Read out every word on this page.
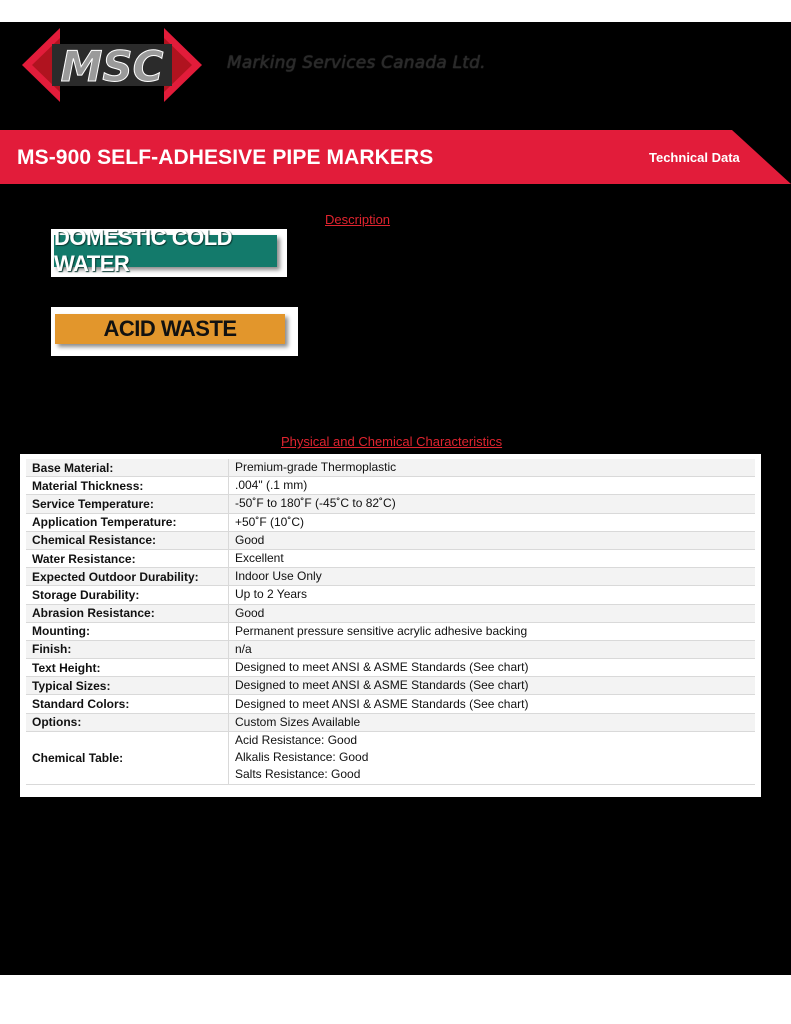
MSC	Marking Services Canada Ltd.
MS-900 SELF-ADHESIVE PIPE MARKERS	Technical Data
Description
DOMESTIC COLD WATER
ACID WASTE
Physical and Chemical Characteristics
Base Material:	Premium-grade Thermoplastic

Material Thickness:	.004" (.1 mm)

Service Temperature:	-50˚F to 180˚F (-45˚C to 82˚C)

Application Temperature:	+50˚F (10˚C)

Chemical Resistance:	Good

Water Resistance:	Excellent

Expected Outdoor Durability:	Indoor Use Only

Storage Durability:	Up to 2 Years

Abrasion Resistance:	Good

Mounting:	Permanent pressure sensitive acrylic adhesive backing

Finish:	n/a

Text Height:	Designed to meet ANSI & ASME Standards (See chart)

Typical Sizes:	Designed to meet ANSI & ASME Standards (See chart)

Standard Colors:	Designed to meet ANSI & ASME Standards (See chart)

Options:	Custom Sizes Available

Chemical Table:	Acid Resistance: Good
Alkalis Resistance: Good
Salts Resistance: Good
